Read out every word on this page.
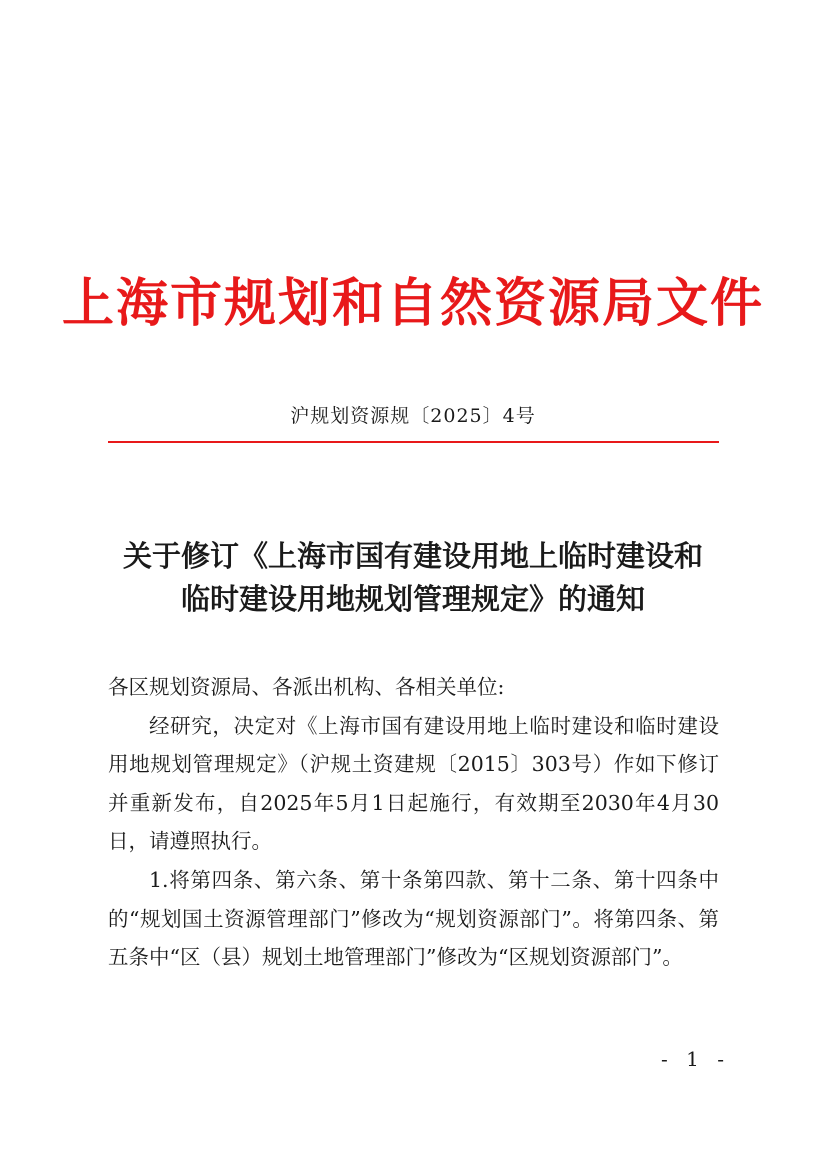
上海市规划和自然资源局文件
沪规划资源规〔2025〕4号
关于修订《上海市国有建设用地上临时建设和
临时建设用地规划管理规定》的通知

各区规划资源局、各派出机构、各相关单位:

经研究，决定对《上海市国有建设用地上临时建设和临时建设用地规划管理规定》（沪规土资建规〔2015〕303号）作如下修订并重新发布，自2025年5月1日起施行，有效期至2030年4月30日，请遵照执行。

1.将第四条、第六条、第十条第四款、第十二条、第十四条中的“规划国土资源管理部门”修改为“规划资源部门”。将第四条、第五条中“区（县）规划土地管理部门”修改为“区规划资源部门”。

- 1 -
